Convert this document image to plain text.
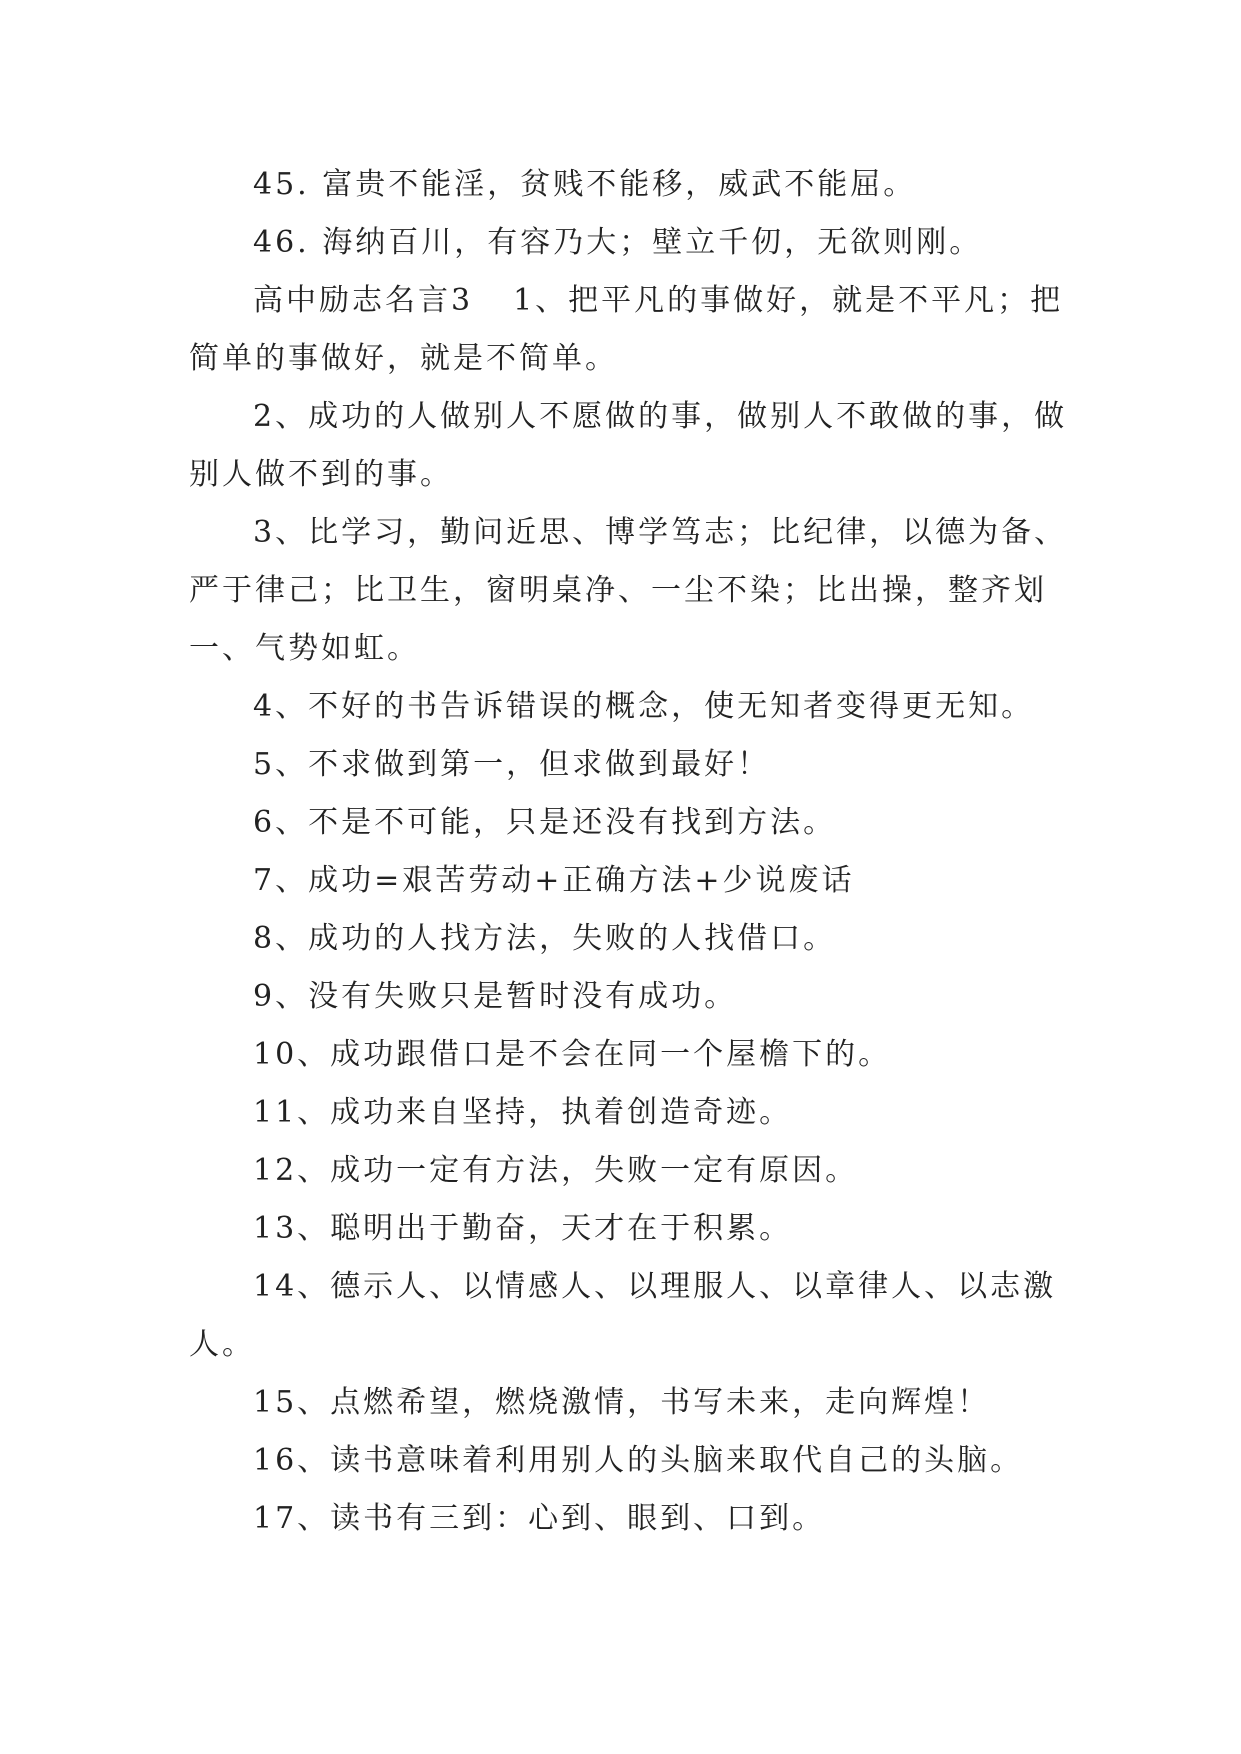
45. 富贵不能淫，贫贱不能移，威武不能屈。

46. 海纳百川，有容乃大；壁立千仞，无欲则刚。

高中励志名言3 1、把平凡的事做好，就是不平凡；把简单的事做好，就是不简单。

2、成功的人做别人不愿做的事，做别人不敢做的事，做别人做不到的事。

3、比学习，勤问近思、博学笃志；比纪律，以德为备、严于律己；比卫生，窗明桌净、一尘不染；比出操，整齐划一、气势如虹。

4、不好的书告诉错误的概念，使无知者变得更无知。

5、不求做到第一，但求做到最好！

6、不是不可能，只是还没有找到方法。

7、成功=艰苦劳动+正确方法+少说废话

8、成功的人找方法，失败的人找借口。

9、没有失败只是暂时没有成功。

10、成功跟借口是不会在同一个屋檐下的。

11、成功来自坚持，执着创造奇迹。

12、成功一定有方法，失败一定有原因。

13、聪明出于勤奋，天才在于积累。

14、德示人、以情感人、以理服人、以章律人、以志激人。

15、点燃希望，燃烧激情，书写未来，走向辉煌！

16、读书意味着利用别人的头脑来取代自己的头脑。

17、读书有三到：心到、眼到、口到。
